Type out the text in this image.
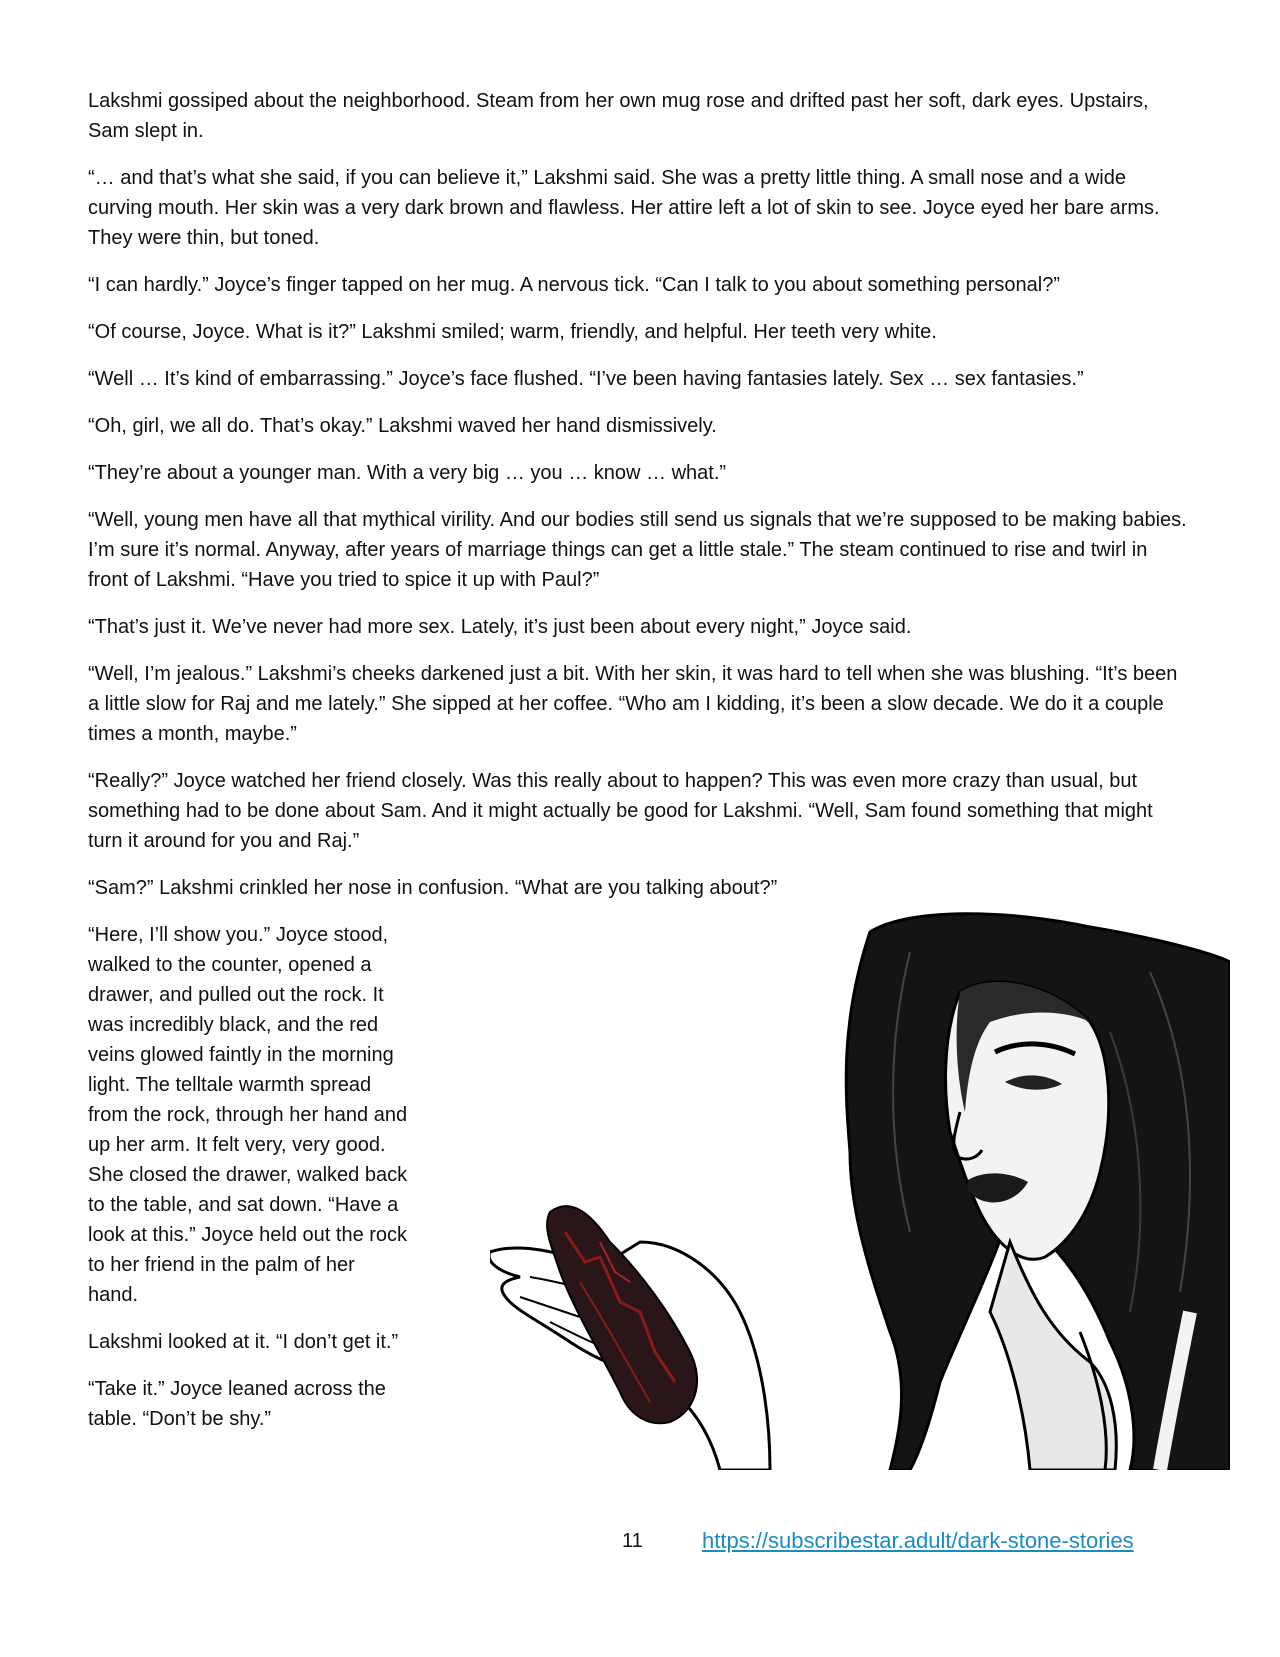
Lakshmi gossiped about the neighborhood. Steam from her own mug rose and drifted past her soft, dark eyes. Upstairs, Sam slept in.

“… and that’s what she said, if you can believe it,” Lakshmi said. She was a pretty little thing. A small nose and a wide curving mouth. Her skin was a very dark brown and flawless. Her attire left a lot of skin to see. Joyce eyed her bare arms. They were thin, but toned.

“I can hardly.” Joyce’s finger tapped on her mug. A nervous tick. “Can I talk to you about something personal?”

“Of course, Joyce. What is it?” Lakshmi smiled; warm, friendly, and helpful. Her teeth very white.

“Well … It’s kind of embarrassing.” Joyce’s face flushed. “I’ve been having fantasies lately. Sex … sex fantasies.”

“Oh, girl, we all do. That’s okay.” Lakshmi waved her hand dismissively.

“They’re about a younger man. With a very big … you … know … what.”

“Well, young men have all that mythical virility. And our bodies still send us signals that we’re supposed to be making babies. I’m sure it’s normal. Anyway, after years of marriage things can get a little stale.” The steam continued to rise and twirl in front of Lakshmi. “Have you tried to spice it up with Paul?”

“That’s just it. We’ve never had more sex. Lately, it’s just been about every night,” Joyce said.

“Well, I’m jealous.” Lakshmi’s cheeks darkened just a bit. With her skin, it was hard to tell when she was blushing. “It’s been a little slow for Raj and me lately.” She sipped at her coffee. “Who am I kidding, it’s been a slow decade. We do it a couple times a month, maybe.”

“Really?” Joyce watched her friend closely. Was this really about to happen? This was even more crazy than usual, but something had to be done about Sam. And it might actually be good for Lakshmi. “Well, Sam found something that might turn it around for you and Raj.”

“Sam?” Lakshmi crinkled her nose in confusion. “What are you talking about?”

“Here, I’ll show you.” Joyce stood, walked to the counter, opened a drawer, and pulled out the rock. It was incredibly black, and the red veins glowed faintly in the morning light. The telltale warmth spread from the rock, through her hand and up her arm. It felt very, very good. She closed the drawer, walked back to the table, and sat down. “Have a look at this.” Joyce held out the rock to her friend in the palm of her hand.

Lakshmi looked at it. “I don’t get it.”

“Take it.” Joyce leaned across the table. “Don’t be shy.”

11	https://subscribestar.adult/dark-stone-stories
